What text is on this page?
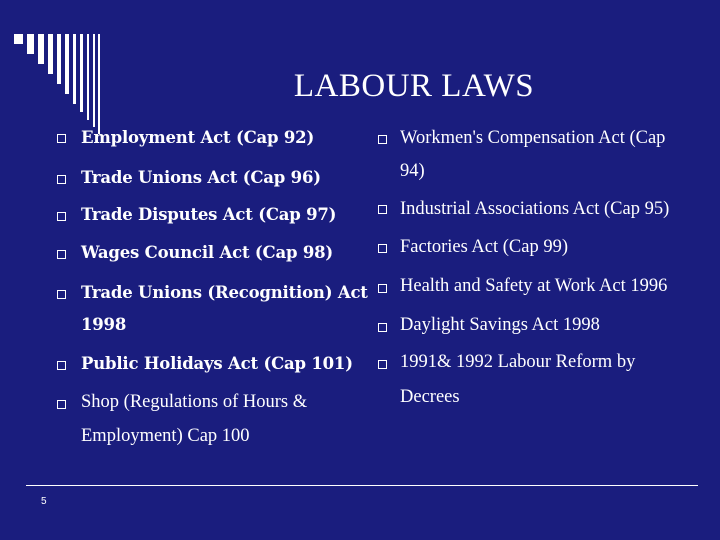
LABOUR LAWS
Employment Act (Cap 92)
Trade Unions Act (Cap 96)
Trade Disputes Act (Cap 97)
Wages Council Act (Cap 98)
Trade Unions (Recognition) Act
1998
Public Holidays Act (Cap 101)
Shop (Regulations of Hours &
Employment) Cap 100
Workmen's Compensation Act (Cap
94)
Industrial Associations Act (Cap 95)
Factories Act (Cap 99)
Health and Safety at Work Act 1996
Daylight Savings Act 1998
1991& 1992 Labour Reform by
Decrees
5
